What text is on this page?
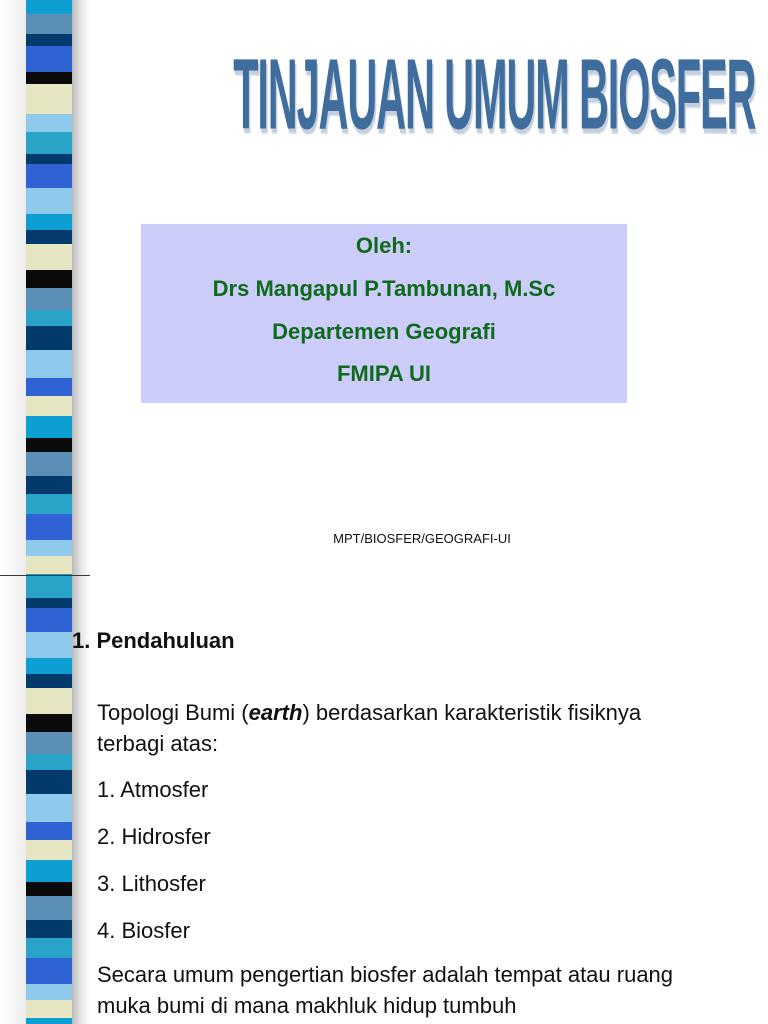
TINJAUAN UMUM BIOSFER
Oleh:
Drs Mangapul P.Tambunan, M.Sc
Departemen Geografi
FMIPA UI
MPT/BIOSFER/GEOGRAFI-UI
1. Pendahuluan
Topologi Bumi (earth) berdasarkan karakteristik fisiknya terbagi atas:
1. Atmosfer
2. Hidrosfer
3. Lithosfer
4. Biosfer
Secara umum pengertian biosfer adalah tempat atau ruang muka bumi di mana makhluk hidup tumbuh
